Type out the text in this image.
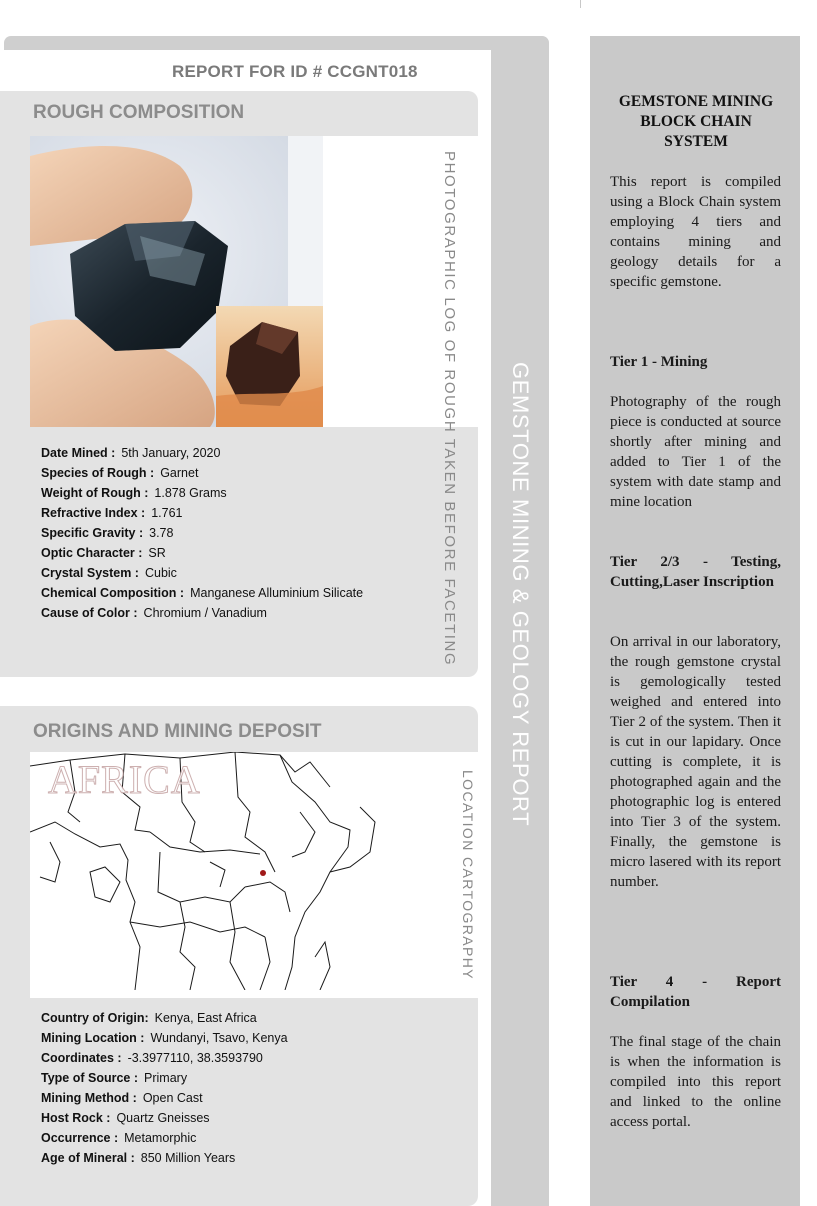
REPORT FOR ID # CCGNT018
ROUGH COMPOSITION
PHOTOGRAPHIC LOG OF ROUGH TAKEN BEFORE FACETING
Date Mined : 5th January, 2020
Species of Rough : Garnet
Weight of Rough : 1.878 Grams
Refractive Index : 1.761
Specific Gravity : 3.78
Optic Character : SR
Crystal System : Cubic
Chemical Composition : Manganese Alluminium Silicate
Cause of Color : Chromium / Vanadium
ORIGINS AND MINING DEPOSIT
AFRICA	LOCATION CARTOGRAPHY
Country of Origin: Kenya, East Africa
Mining Location : Wundanyi, Tsavo, Kenya
Coordinates : -3.3977110, 38.3593790
Type of Source : Primary
Mining Method : Open Cast
Host Rock : Quartz Gneisses
Occurrence : Metamorphic
Age of Mineral : 850 Million Years
GEMSTONE MINING & GEOLOGY REPORT
GEMSTONE MINING BLOCK CHAIN SYSTEM

This report is compiled using a Block Chain system employing 4 tiers and contains mining and geology details for a specific gemstone.

Tier 1 - Mining

Photography of the rough piece is conducted at source shortly after mining and added to Tier 1 of the system with date stamp and mine location

Tier 2/3 - Testing, Cutting,Laser Inscription

On arrival in our laboratory, the rough gemstone crystal is gemologically tested weighed and entered into Tier 2 of the system. Then it is cut in our lapidary. Once cutting is complete, it is photographed again and the photographic log is entered into Tier 3 of the system. Finally, the gemstone is micro lasered with its report number.

Tier 4 - Report Compilation

The final stage of the chain is when the information is compiled into this report and linked to the online access portal.
